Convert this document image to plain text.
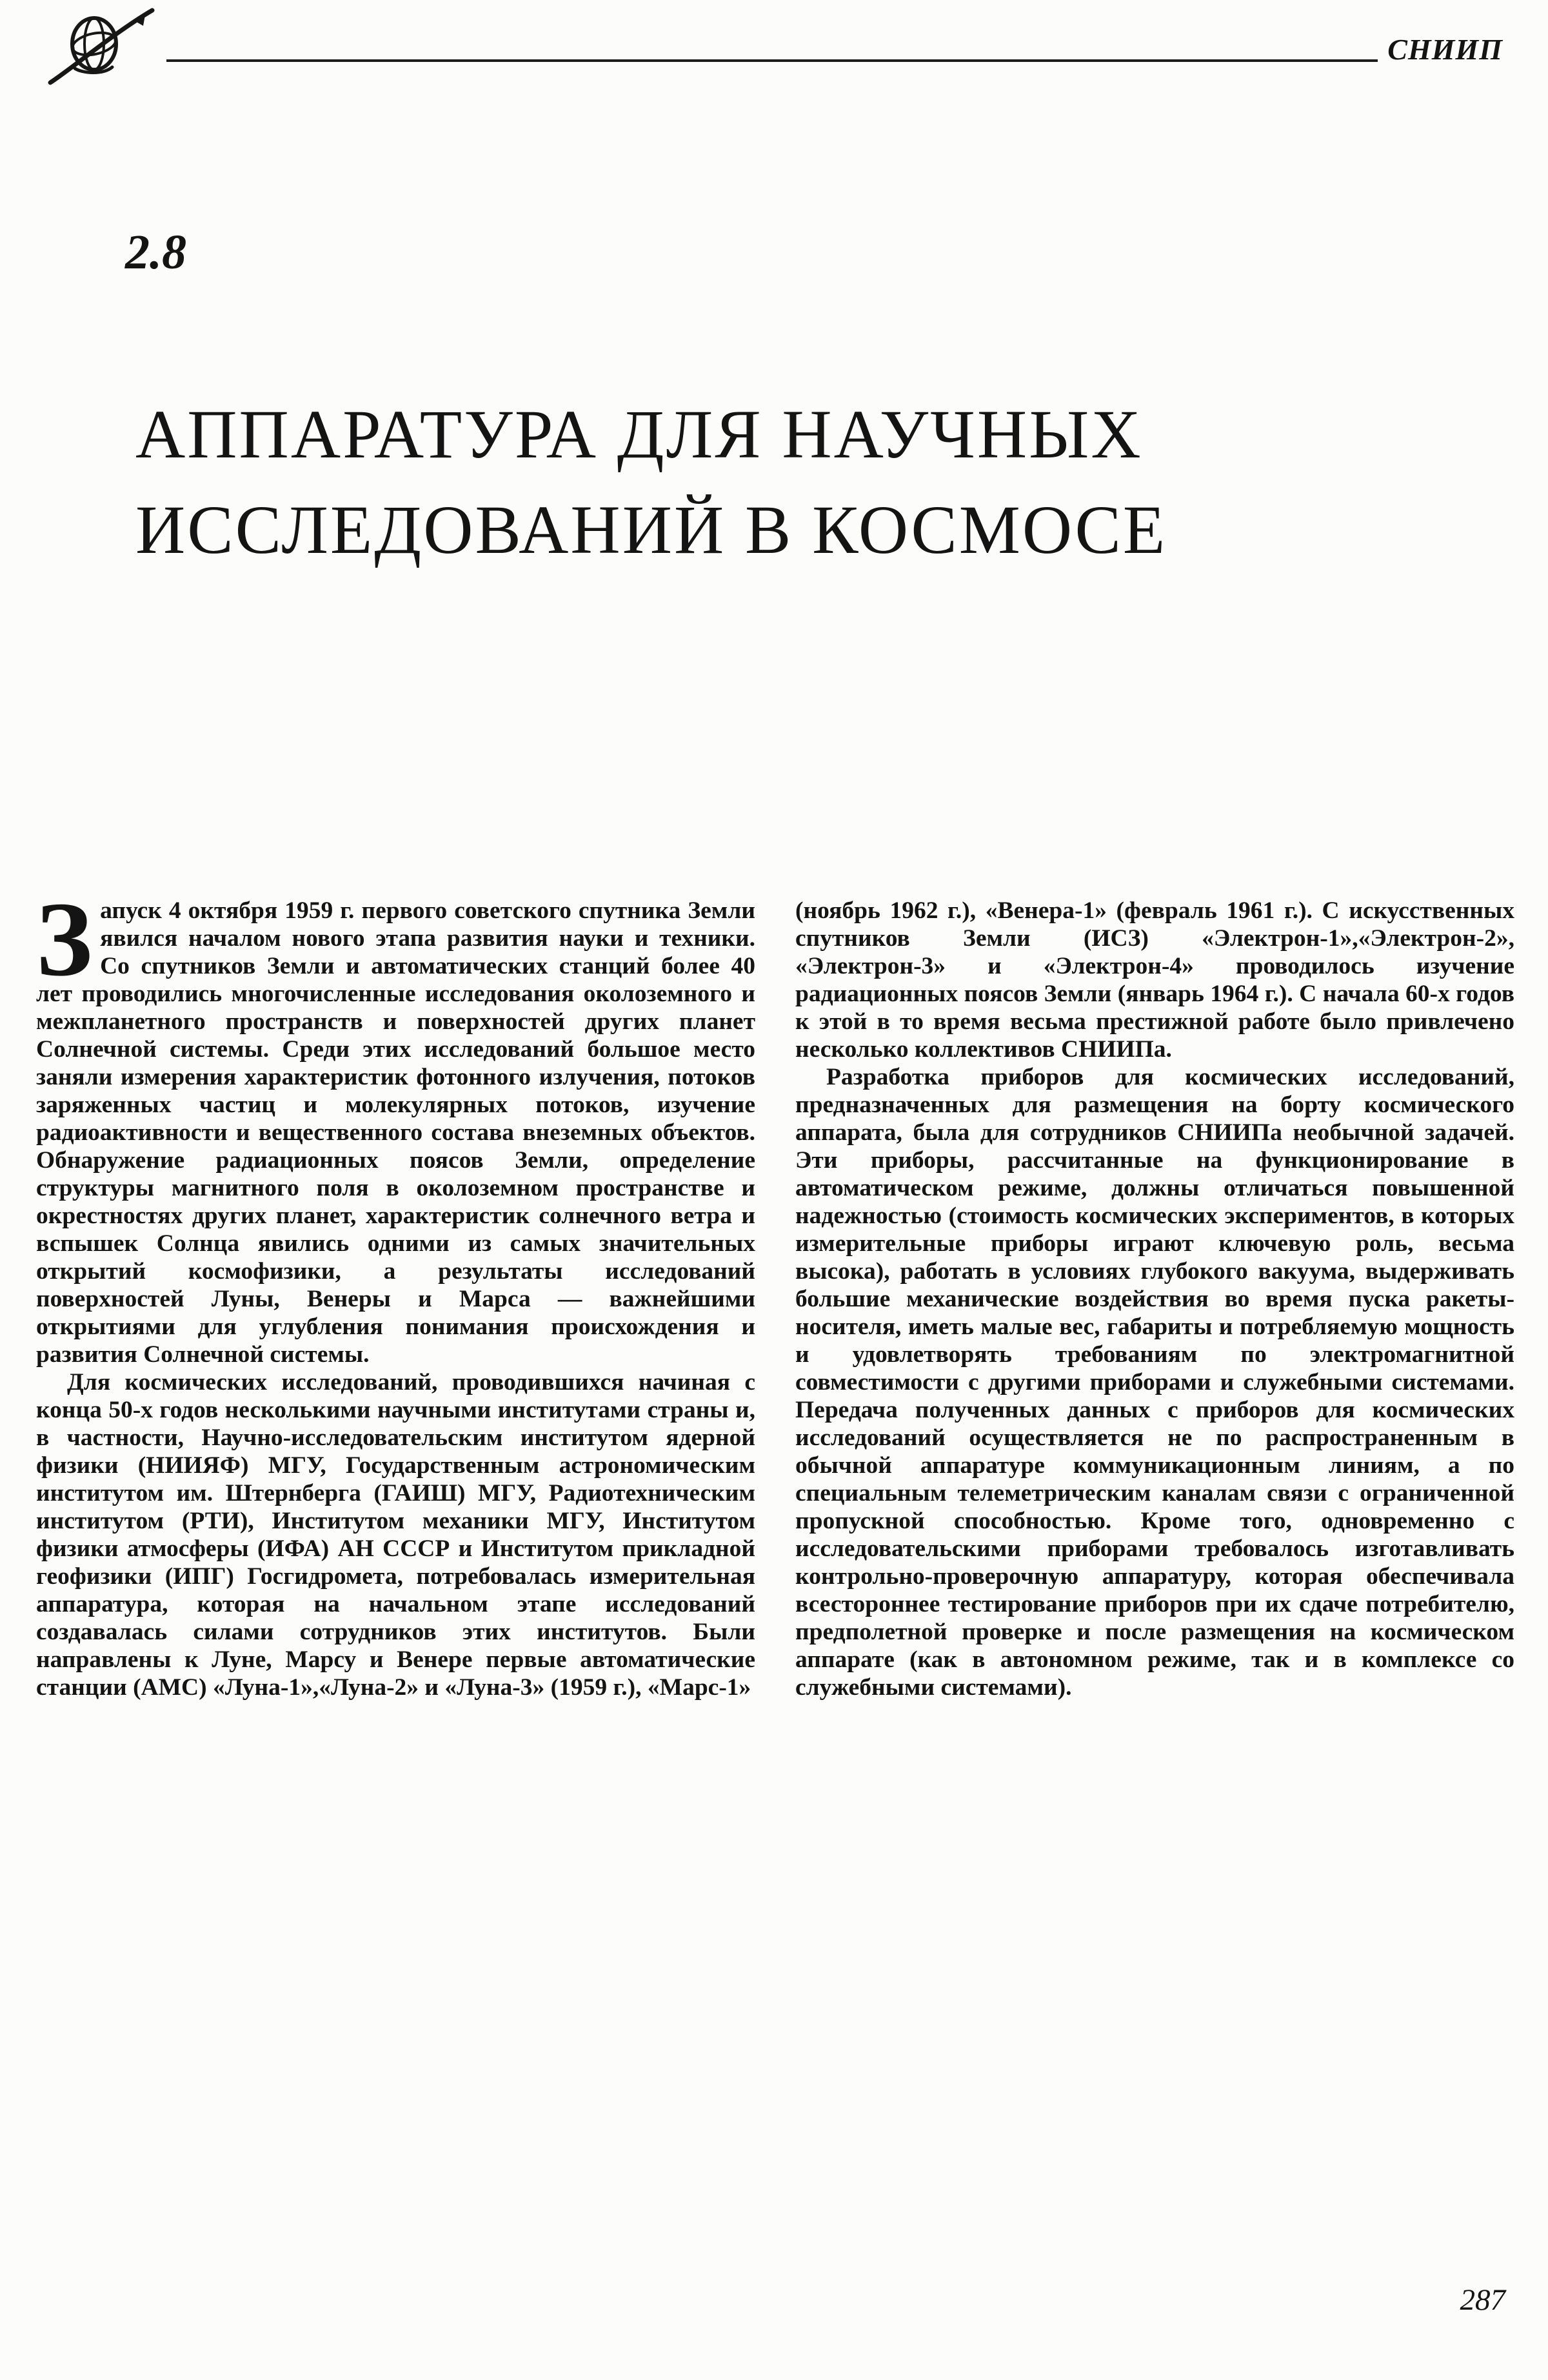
СНИИП
2.8
АППАРАТУРА ДЛЯ НАУЧНЫХ
ИССЛЕДОВАНИЙ В КОСМОСЕ

Запуск 4 октября 1959 г. первого советского спутника Земли явился началом нового этапа развития науки и техники. Со спутников Земли и автоматических станций более 40 лет проводились многочисленные исследования околоземного и межпланетного пространств и поверхностей других планет Солнечной системы. Среди этих исследований большое место заняли измерения характеристик фотонного излучения, потоков заряженных частиц и молекулярных потоков, изучение радиоактивности и вещественного состава внеземных объектов. Обнаружение радиационных поясов Земли, определение структуры магнитного поля в околоземном пространстве и окрестностях других планет, характеристик солнечного ветра и вспышек Солнца явились одними из самых значительных открытий космофизики, а результаты исследований поверхностей Луны, Венеры и Марса — важнейшими открытиями для углубления понимания происхождения и развития Солнечной системы.

Для космических исследований, проводившихся начиная с конца 50-х годов несколькими научными институтами страны и, в частности, Научно-исследовательским институтом ядерной физики (НИИЯФ) МГУ, Государственным астрономическим институтом им. Штернберга (ГАИШ) МГУ, Радиотехническим институтом (РТИ), Институтом механики МГУ, Институтом физики атмосферы (ИФА) АН СССР и Институтом прикладной геофизики (ИПГ) Госгидромета, потребовалась измерительная аппаратура, которая на начальном этапе исследований создавалась силами сотрудников этих институтов. Были направлены к Луне, Марсу и Венере первые автоматические станции (АМС) «Луна-1»,«Луна-2» и «Луна-3» (1959 г.), «Марс-1»

(ноябрь 1962 г.), «Венера-1» (февраль 1961 г.). С искусственных спутников Земли (ИСЗ) «Электрон-1»,«Электрон-2», «Электрон-3» и «Электрон-4» проводилось изучение радиационных поясов Земли (январь 1964 г.). С начала 60-х годов к этой в то время весьма престижной работе было привлечено несколько коллективов СНИИПа.

Разработка приборов для космических исследований, предназначенных для размещения на борту космического аппарата, была для сотрудников СНИИПа необычной задачей. Эти приборы, рассчитанные на функционирование в автоматическом режиме, должны отличаться повышенной надежностью (стоимость космических экспериментов, в которых измерительные приборы играют ключевую роль, весьма высока), работать в условиях глубокого вакуума, выдерживать большие механические воздействия во время пуска ракеты-носителя, иметь малые вес, габариты и потребляемую мощность и удовлетворять требованиям по электромагнитной совместимости с другими приборами и служебными системами. Передача полученных данных с приборов для космических исследований осуществляется не по распространенным в обычной аппаратуре коммуникационным линиям, а по специальным телеметрическим каналам связи с ограниченной пропускной способностью. Кроме того, одновременно с исследовательскими приборами требовалось изготавливать контрольно-проверочную аппаратуру, которая обеспечивала всестороннее тестирование приборов при их сдаче потребителю, предполетной проверке и после размещения на космическом аппарате (как в автономном режиме, так и в комплексе со служебными системами).

287
